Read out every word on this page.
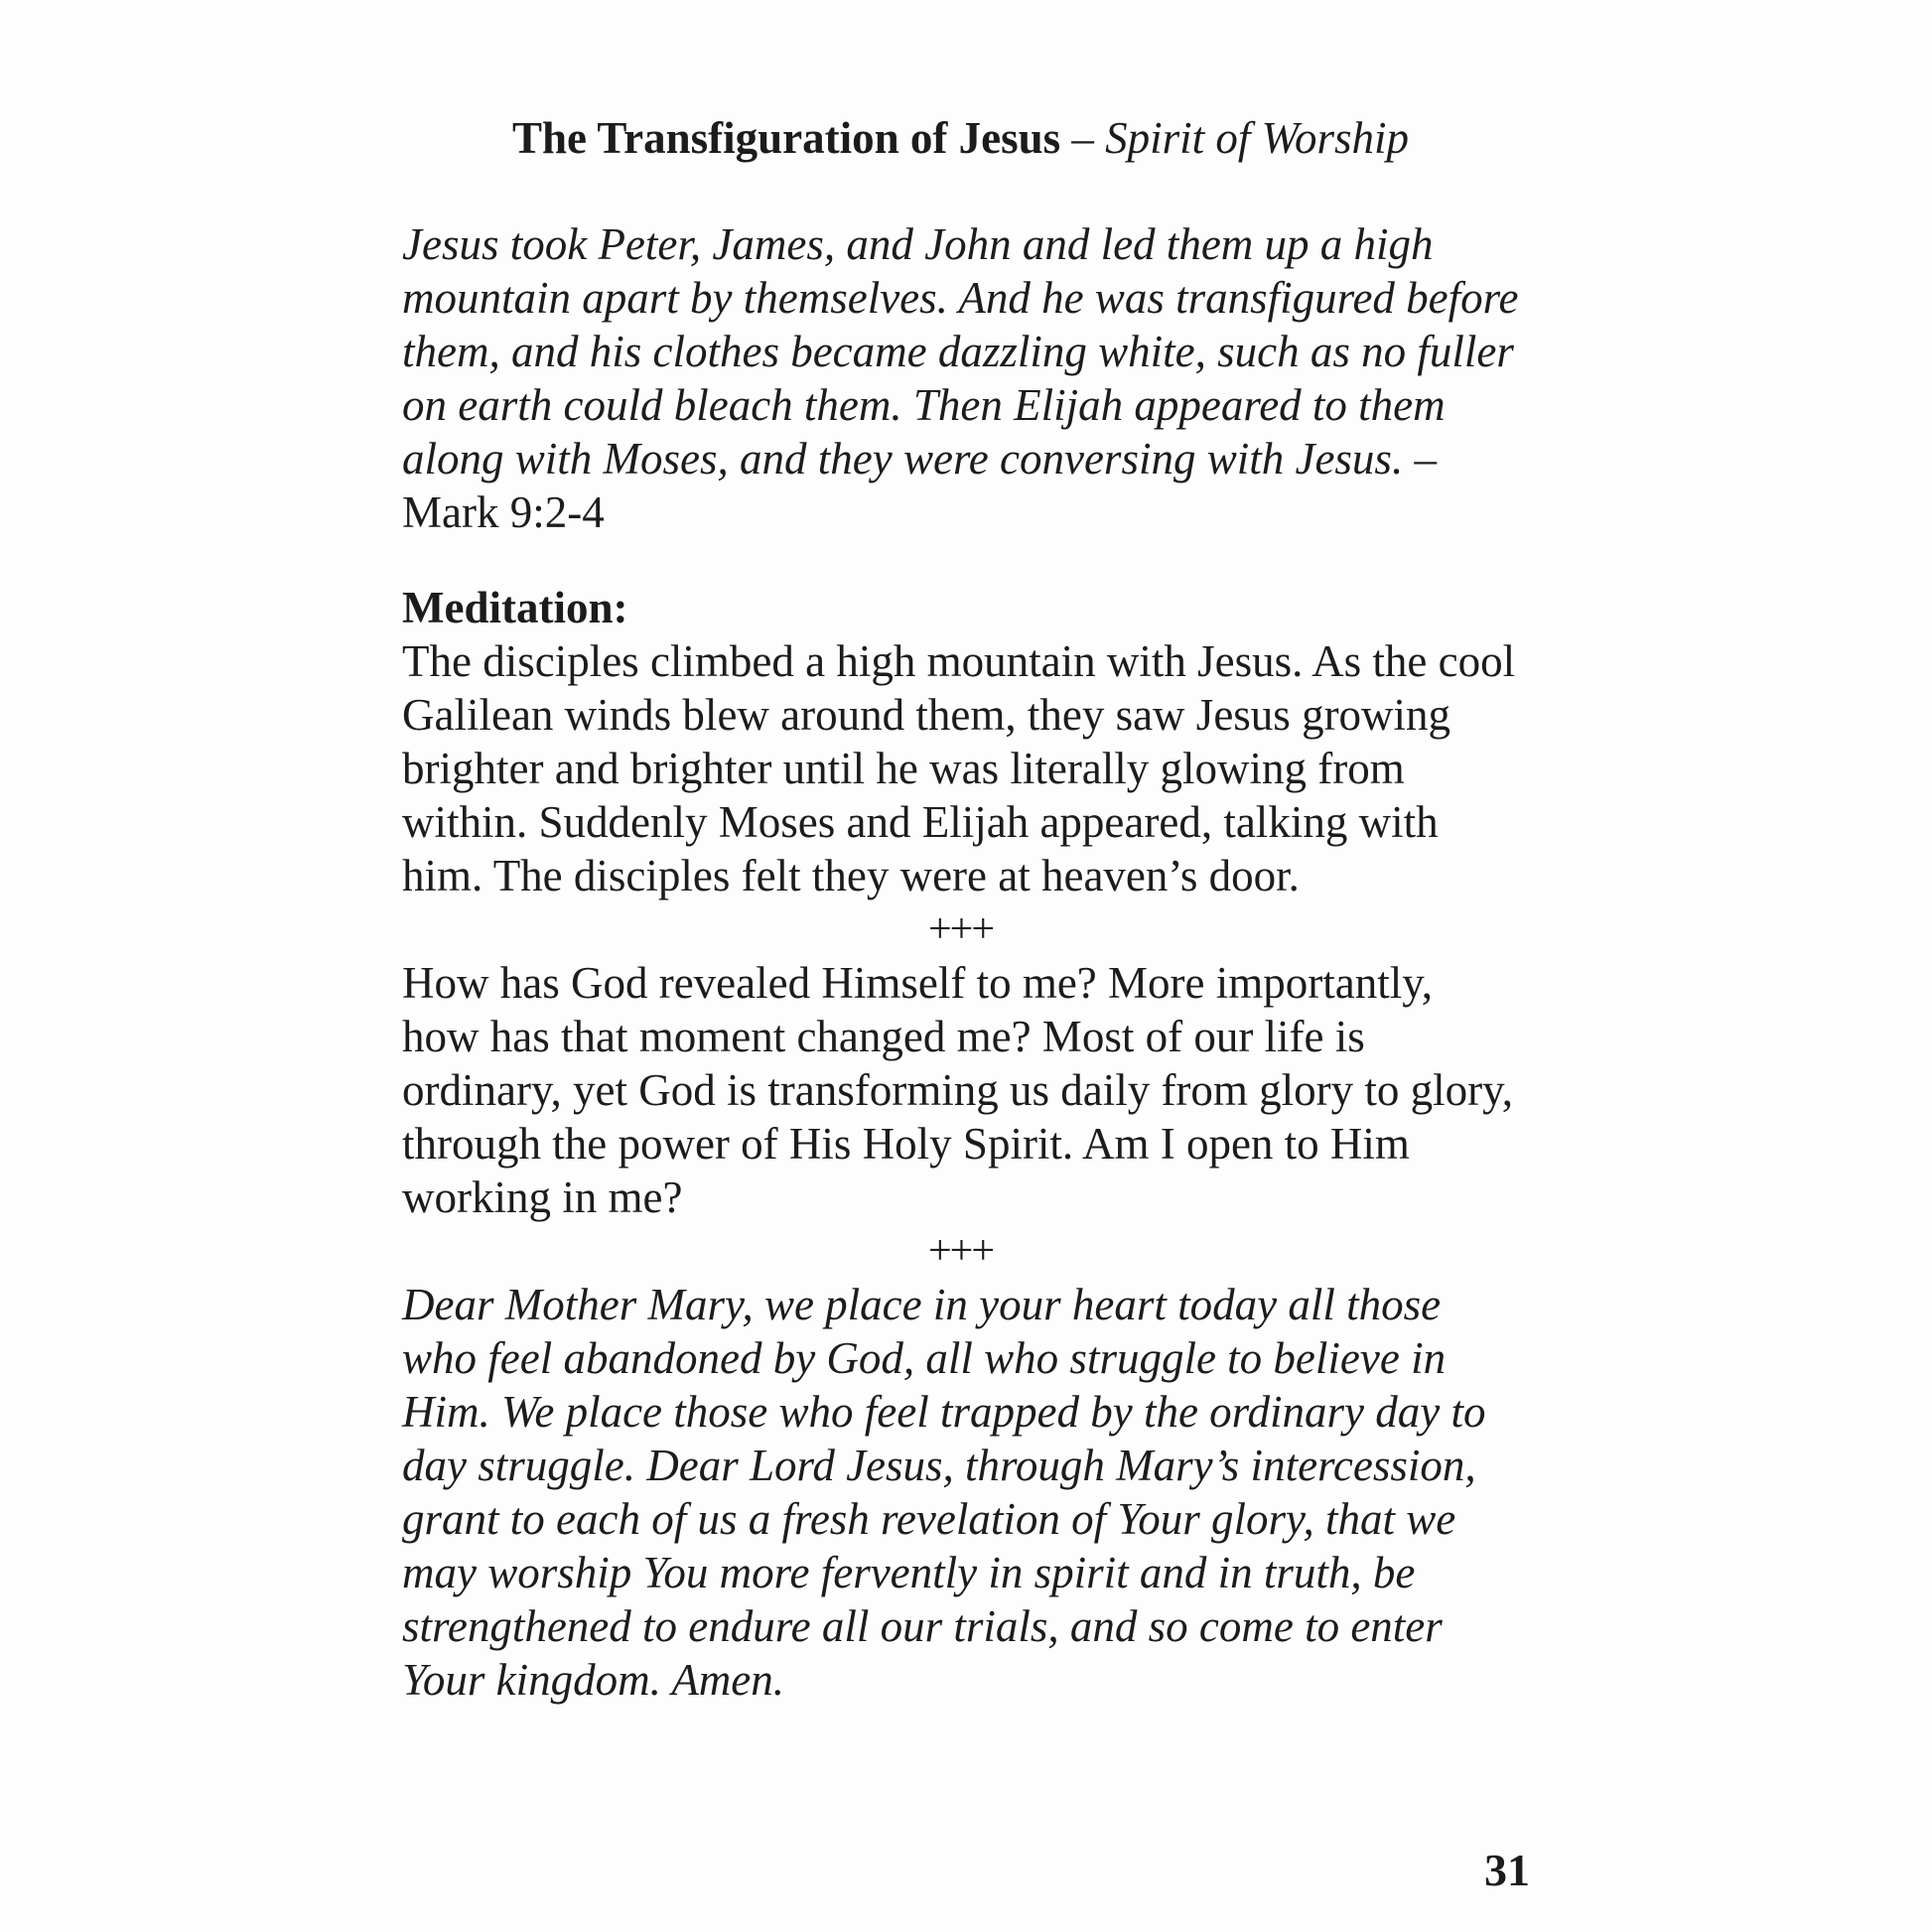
The Transfiguration of Jesus – Spirit of Worship

Jesus took Peter, James, and John and led them up a high mountain apart by themselves. And he was transfigured before them, and his clothes became dazzling white, such as no fuller on earth could bleach them. Then Elijah appeared to them along with Moses, and they were conversing with Jesus. – Mark 9:2-4

Meditation:

The disciples climbed a high mountain with Jesus. As the cool Galilean winds blew around them, they saw Jesus growing brighter and brighter until he was literally glowing from within. Suddenly Moses and Elijah appeared, talking with him. The disciples felt they were at heaven’s door.

+++

How has God revealed Himself to me? More importantly, how has that moment changed me? Most of our life is ordinary, yet God is transforming us daily from glory to glory, through the power of His Holy Spirit. Am I open to Him working in me?

+++

Dear Mother Mary, we place in your heart today all those who feel abandoned by God, all who struggle to believe in Him. We place those who feel trapped by the ordinary day to day struggle. Dear Lord Jesus, through Mary’s intercession, grant to each of us a fresh revelation of Your glory, that we may worship You more fervently in spirit and in truth, be strengthened to endure all our trials, and so come to enter Your kingdom. Amen.

31
